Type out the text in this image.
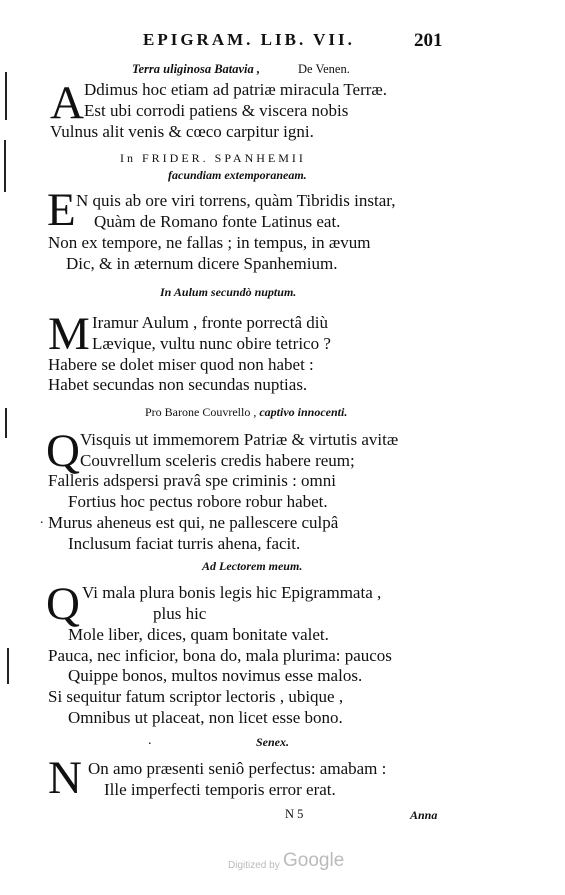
EPIGRAM. LIB. VII.	201
Terra uliginosa Batavia ,	De Venen.
A Ddimus hoc etiam ad patriæ miracula Terræ.
Est ubi corrodi patiens & viscera nobis
Vulnus alit venis & cœco carpitur igni.
In FRIDER. SPANHEMII
facundiam extemporaneam.
E N quis ab ore viri torrens, quàm Tibridis instar,
Quàm de Romano fonte Latinus eat.
Non ex tempore, ne fallas ; in tempus, in ævum
Dic, & in æternum dicere Spanhemium.
In Aulum secundò nuptum.
M Iramur Aulum , fronte porrectâ diù
Lævique, vultu nunc obire tetrico ?
Habere se dolet miser quod non habet :
Habet secundas non secundas nuptias.
Pro Barone Couvrello , captivo innocenti.
Q Visquis ut immemorem Patriæ & virtutis avitæ
Couvrellum sceleris credis habere reum;
Falleris adspersi pravâ spe criminis : omni
Fortius hoc pectus robore robur habet.
. Murus aheneus est qui, ne pallescere culpâ
Inclusum faciat turris ahena, facit.
Ad Lectorem meum.
Q Vi mala plura bonis legis hic Epigrammata ,
plus hic
Mole liber, dices, quam bonitate valet.
Pauca, nec inficior, bona do, mala plurima: paucos
Quippe bonos, multos novimus esse malos.
Si sequitur fatum scriptor lectoris , ubique ,
Omnibus ut placeat, non licet esse bono.
.	Senex.
N On amo præsenti seniô perfectus: amabam :
Ille imperfecti temporis error erat.
N 5	Anna
Digitized by Google
